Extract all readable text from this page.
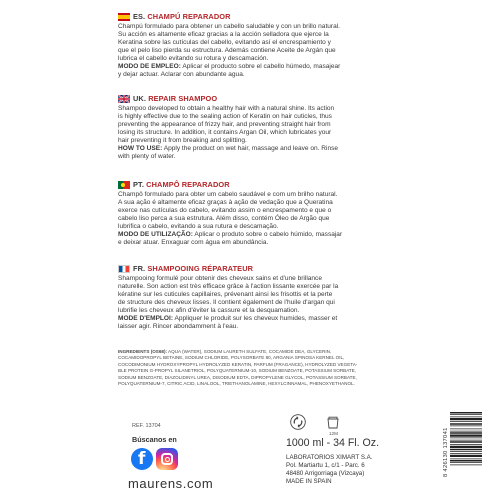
ES. CHAMPÚ REPARADOR

Champú formulado para obtener un cabello saludable y con un brillo natural.

Su acción es altamente eficaz gracias a la acción selladora que ejerce la

Keratina sobre las cutículas del cabello, evitando así el encrespamiento y

que el pelo liso pierda su estructura. Además contiene Aceite de Argán que

lubrica el cabello evitando su rotura y descamación.

MODO DE EMPLEO: Aplicar el producto sobre el cabello húmedo, masajear

y dejar actuar. Aclarar con abundante agua.

UK. REPAIR SHAMPOO

Shampoo developed to obtain a healthy hair with a natural shine. Its action

is highly effective due to the sealing action of Keratin on hair cuticles, thus

preventing the appearance of frizzy hair, and preventing straight hair from

losing its structure. In addition, it contains Argan Oil, which lubricates your

hair preventing it from breaking and splitting.

HOW TO USE: Apply the product on wet hair, massage and leave on. Rinse

with plenty of water.

PT. CHAMPÔ REPARADOR

Champô formulado para obter um cabelo saudável e com um brilho natural.

A sua ação é altamente eficaz graças à ação de vedação que a Queratina

exerce nas cutículas do cabelo, evitando assim o encrespamento e que o

cabelo liso perca a sua estrutura. Além disso, contém Óleo de Argão que

lubrifica o cabelo, evitando a sua rutura e descamação.

MODO DE UTILIZAÇÃO: Aplicar o produto sobre o cabelo húmido, massajar

e deixar atuar. Enxaguar com água em abundância.

FR. SHAMPOOING RÉPARATEUR

Shampooing formulé pour obtenir des cheveux sains et d'une brillance

naturelle. Son action est très efficace grâce à l'action lissante exercée par la

kératine sur les cuticules capillaires, prévenant ainsi les frisottis et la perte

de structure des cheveux lisses. Il contient également de l'huile d'argan qui

lubrifie les cheveux afin d'éviter la cassure et la desquamation.

MODE D'EMPLOI: Appliquer le produit sur les cheveux humides, masser et

laisser agir. Rincer abondamment à l'eau.

INGREDIENTS (OS68): AQUA (WATER), SODIUM LAURETH SULFATE, COCAMIDE DEA, GLYCERIN,
COCAMIDOPROPYL BETAINE, SODIUM CHLORIDE, POLYSORBATE 80, ARGANIA SPINOSA KERNEL OIL,
COCODIMONIUM HYDROXYPROPYL HYDROLYZED KERATIN, PARFUM (FRAGANCE), HYDROLYZED VEGETA-
BLE PROTEIN G-PROPYL SILANETRIOL, POLYQUATERNIUM-10, SODIUM BENZOATE, POTASSIUM SORBATE,
SODIUM BENZOATE, DIAZOLIDINYL UREA, DISODIUM EDTA, DIPROPYLENE GLYCOL, POTASSIUM SORBATE,
POLYQUATERNIUM-7, CITRIC ACID, LINALOOL, TRIETHANOLAMINE, HEXYLCINNAMAL, PHENOXYETHANOL.
REF. 13704
Búscanos en
f
maurens.com
12M
1000 ml - 34 Fl. Oz.
LABORATORIOS XIMART S.A.
Pol. Martiartu 1, c/1 - Parc. 6
48480 Arrigorriaga (Vizcaya)
MADE IN SPAIN
8 426130 137041
